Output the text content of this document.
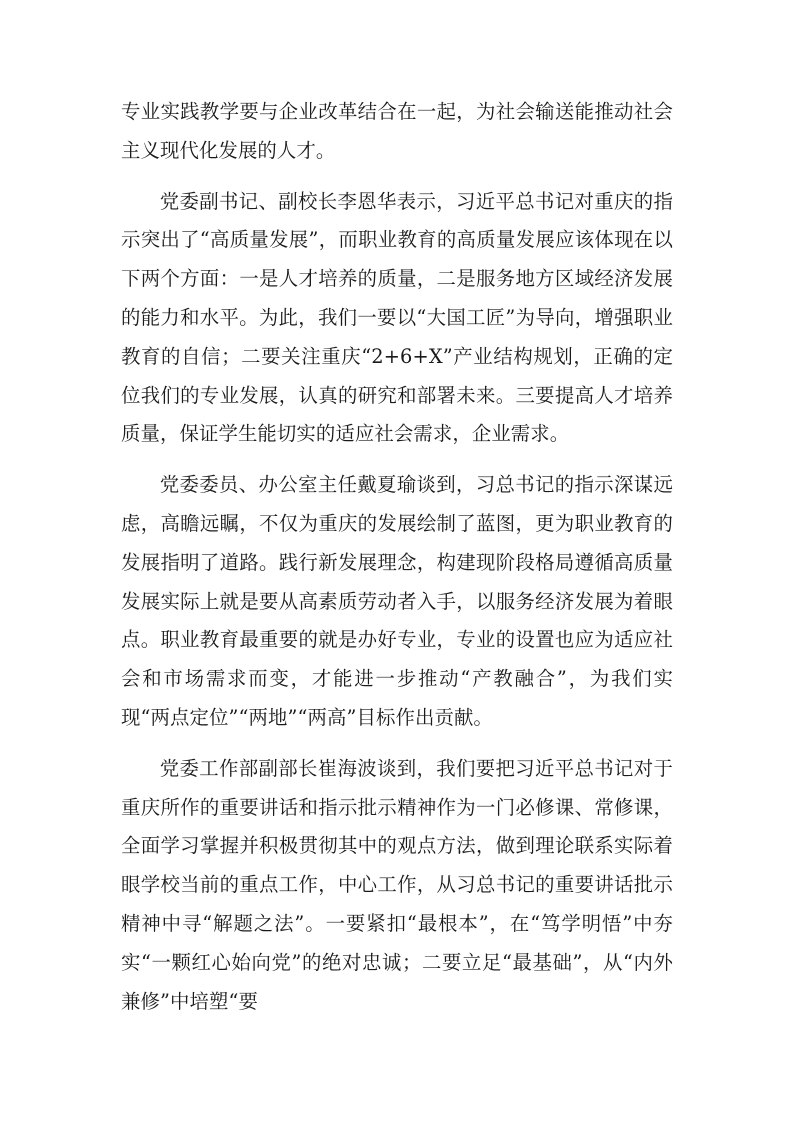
专业实践教学要与企业改革结合在一起，为社会输送能推动社会主义现代化发展的人才。

党委副书记、副校长李恩华表示，习近平总书记对重庆的指示突出了“高质量发展”，而职业教育的高质量发展应该体现在以下两个方面：一是人才培养的质量，二是服务地方区域经济发展的能力和水平。为此，我们一要以“大国工匠”为导向，增强职业教育的自信；二要关注重庆“2+6+X”产业结构规划，正确的定位我们的专业发展，认真的研究和部署未来。三要提高人才培养质量，保证学生能切实的适应社会需求，企业需求。

党委委员、办公室主任戴夏瑜谈到，习总书记的指示深谋远虑，高瞻远瞩，不仅为重庆的发展绘制了蓝图，更为职业教育的发展指明了道路。践行新发展理念，构建现阶段格局遵循高质量发展实际上就是要从高素质劳动者入手，以服务经济发展为着眼点。职业教育最重要的就是办好专业，专业的设置也应为适应社会和市场需求而变，才能进一步推动“产教融合”，为我们实现“两点定位”“两地”“两高”目标作出贡献。

党委工作部副部长崔海波谈到，我们要把习近平总书记对于重庆所作的重要讲话和指示批示精神作为一门必修课、常修课，全面学习掌握并积极贯彻其中的观点方法，做到理论联系实际着眼学校当前的重点工作，中心工作，从习总书记的重要讲话批示精神中寻“解题之法”。一要紧扣“最根本”，在“笃学明悟”中夯实“一颗红心始向党”的绝对忠诚；二要立足“最基础”，从“内外兼修”中培塑“要
